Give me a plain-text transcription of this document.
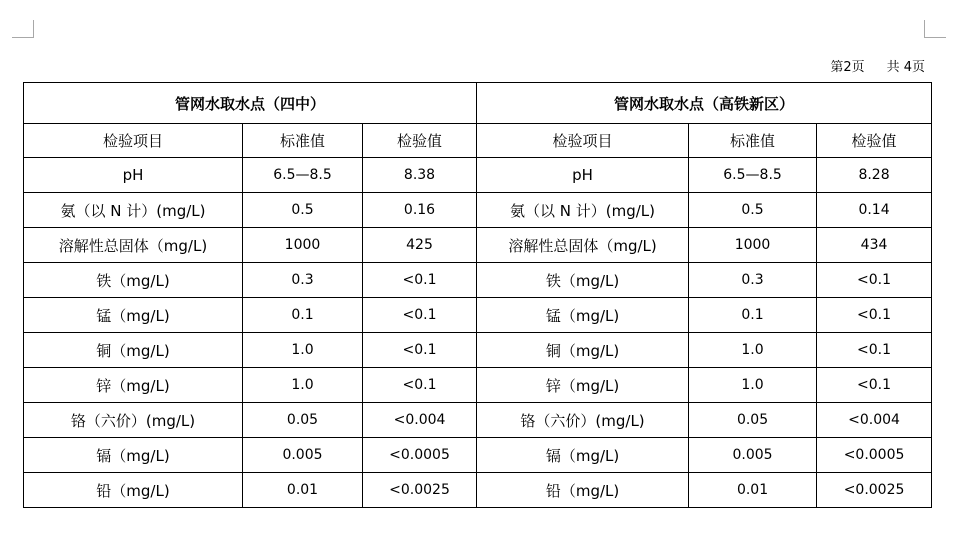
第2页 共 4页
管网水取水点（四中）			管网水取水点（高铁新区）		
检验项目	标准值	检验值	检验项目	标准值	检验值
pH	6.5—8.5	8.38	pH	6.5—8.5	8.28
氨（以 N 计）(mg/L)	0.5	0.16	氨（以 N 计）(mg/L)	0.5	0.14
溶解性总固体（mg/L)	1000	425	溶解性总固体（mg/L)	1000	434
铁（mg/L)	0.3	<0.1	铁（mg/L)	0.3	<0.1
锰（mg/L)	0.1	<0.1	锰（mg/L)	0.1	<0.1
铜（mg/L)	1.0	<0.1	铜（mg/L)	1.0	<0.1
锌（mg/L)	1.0	<0.1	锌（mg/L)	1.0	<0.1
铬（六价）(mg/L)	0.05	<0.004	铬（六价）(mg/L)	0.05	<0.004
镉（mg/L)	0.005	<0.0005	镉（mg/L)	0.005	<0.0005
铅（mg/L)	0.01	<0.0025	铅（mg/L)	0.01	<0.0025
